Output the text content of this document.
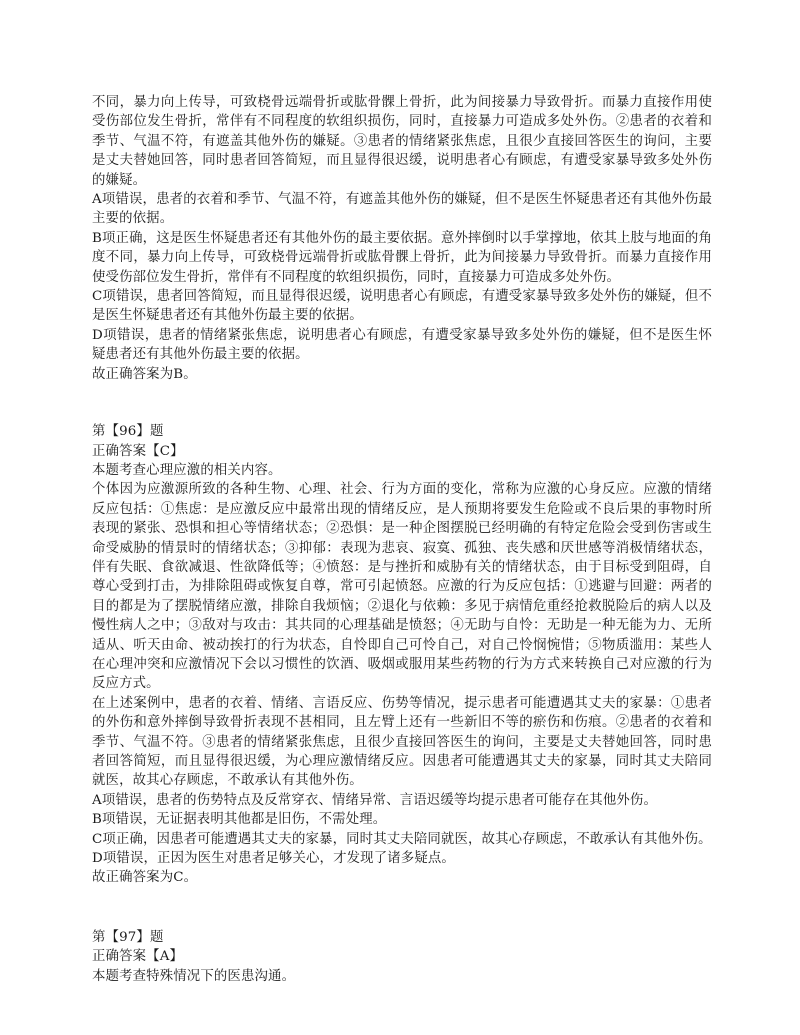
不同，暴力向上传导，可致桡骨远端骨折或肱骨髁上骨折，此为间接暴力导致骨折。而暴力直接作用使受伤部位发生骨折，常伴有不同程度的软组织损伤，同时，直接暴力可造成多处外伤。②患者的衣着和季节、气温不符，有遮盖其他外伤的嫌疑。③患者的情绪紧张焦虑，且很少直接回答医生的询问，主要是丈夫替她回答，同时患者回答简短，而且显得很迟缓，说明患者心有顾虑，有遭受家暴导致多处外伤的嫌疑。

A项错误，患者的衣着和季节、气温不符，有遮盖其他外伤的嫌疑，但不是医生怀疑患者还有其他外伤最主要的依据。

B项正确，这是医生怀疑患者还有其他外伤的最主要依据。意外摔倒时以手掌撑地，依其上肢与地面的角度不同，暴力向上传导，可致桡骨远端骨折或肱骨髁上骨折，此为间接暴力导致骨折。而暴力直接作用使受伤部位发生骨折，常伴有不同程度的软组织损伤，同时，直接暴力可造成多处外伤。

C项错误，患者回答简短，而且显得很迟缓，说明患者心有顾虑，有遭受家暴导致多处外伤的嫌疑，但不是医生怀疑患者还有其他外伤最主要的依据。

D项错误，患者的情绪紧张焦虑，说明患者心有顾虑，有遭受家暴导致多处外伤的嫌疑，但不是医生怀疑患者还有其他外伤最主要的依据。

故正确答案为B。

第【96】题

正确答案【C】

本题考查心理应激的相关内容。

个体因为应激源所致的各种生物、心理、社会、行为方面的变化，常称为应激的心身反应。应激的情绪反应包括：①焦虑：是应激反应中最常出现的情绪反应，是人预期将要发生危险或不良后果的事物时所表现的紧张、恐惧和担心等情绪状态；②恐惧：是一种企图摆脱已经明确的有特定危险会受到伤害或生命受威胁的情景时的情绪状态；③抑郁：表现为悲哀、寂寞、孤独、丧失感和厌世感等消极情绪状态，伴有失眠、食欲减退、性欲降低等；④愤怒：是与挫折和威胁有关的情绪状态，由于目标受到阻碍，自尊心受到打击，为排除阻碍或恢复自尊，常可引起愤怒。应激的行为反应包括：①逃避与回避：两者的目的都是为了摆脱情绪应激，排除自我烦恼；②退化与依赖：多见于病情危重经抢救脱险后的病人以及慢性病人之中；③敌对与攻击：其共同的心理基础是愤怒；④无助与自怜：无助是一种无能为力、无所适从、听天由命、被动挨打的行为状态，自怜即自己可怜自己，对自己怜悯惋惜；⑤物质滥用：某些人在心理冲突和应激情况下会以习惯性的饮酒、吸烟或服用某些药物的行为方式来转换自己对应激的行为反应方式。

在上述案例中，患者的衣着、情绪、言语反应、伤势等情况，提示患者可能遭遇其丈夫的家暴：①患者的外伤和意外摔倒导致骨折表现不甚相同，且左臂上还有一些新旧不等的瘀伤和伤痕。②患者的衣着和季节、气温不符。③患者的情绪紧张焦虑，且很少直接回答医生的询问，主要是丈夫替她回答，同时患者回答简短，而且显得很迟缓，为心理应激情绪反应。因患者可能遭遇其丈夫的家暴，同时其丈夫陪同就医，故其心存顾虑，不敢承认有其他外伤。

A项错误，患者的伤势特点及反常穿衣、情绪异常、言语迟缓等均提示患者可能存在其他外伤。

B项错误，无证据表明其他都是旧伤，不需处理。

C项正确，因患者可能遭遇其丈夫的家暴，同时其丈夫陪同就医，故其心存顾虑，不敢承认有其他外伤。

D项错误，正因为医生对患者足够关心，才发现了诸多疑点。

故正确答案为C。

第【97】题

正确答案【A】

本题考查特殊情况下的医患沟通。
